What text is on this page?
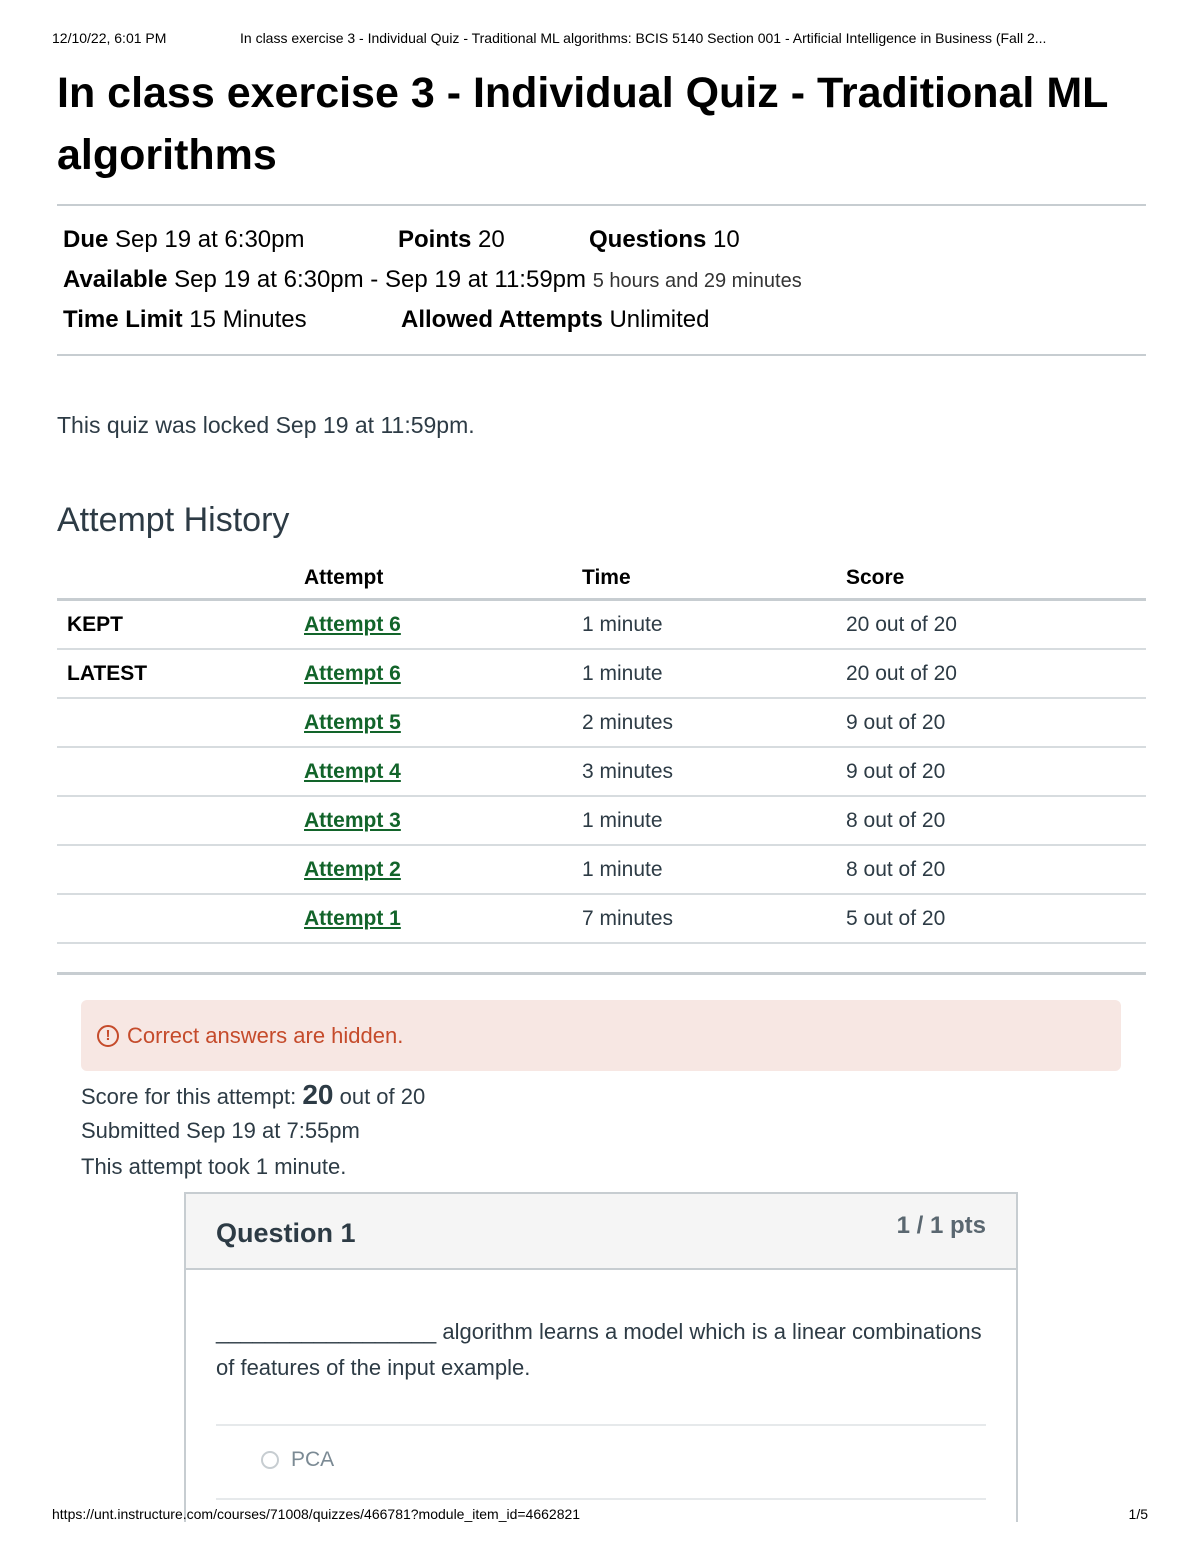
12/10/22, 6:01 PM	In class exercise 3 - Individual Quiz - Traditional ML algorithms: BCIS 5140 Section 001 - Artificial Intelligence in Business (Fall 2...
In class exercise 3 - Individual Quiz - Traditional ML algorithms
Due Sep 19 at 6:30pm	Points 20	Questions 10
Available Sep 19 at 6:30pm - Sep 19 at 11:59pm 5 hours and 29 minutes
Time Limit 15 Minutes	Allowed Attempts Unlimited
This quiz was locked Sep 19 at 11:59pm.
Attempt History
	Attempt	Time	Score
KEPT	Attempt 6	1 minute	20 out of 20
LATEST	Attempt 6	1 minute	20 out of 20
	Attempt 5	2 minutes	9 out of 20
	Attempt 4	3 minutes	9 out of 20
	Attempt 3	1 minute	8 out of 20
	Attempt 2	1 minute	8 out of 20
	Attempt 1	7 minutes	5 out of 20
! Correct answers are hidden.
Score for this attempt: 20 out of 20
Submitted Sep 19 at 7:55pm
This attempt took 1 minute.
Question 1	1 / 1 pts
__________________ algorithm learns a model which is a linear combinations of features of the input example.
PCA
https://unt.instructure.com/courses/71008/quizzes/466781?module_item_id=4662821	1/5
